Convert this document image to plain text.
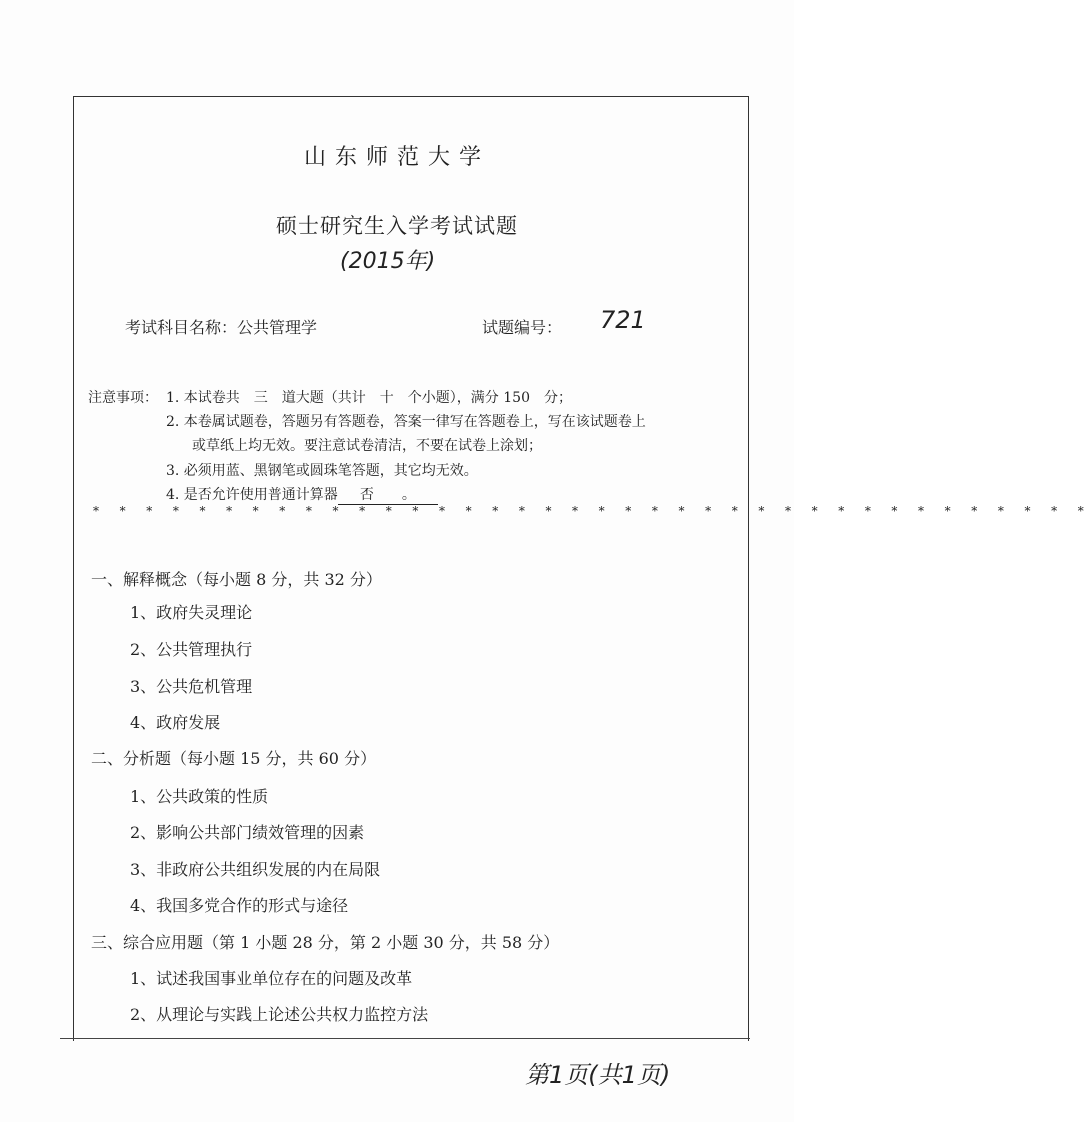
山东师范大学
硕士研究生入学考试试题
(2015年)
考试科目名称：公共管理学	试题编号： 721
注意事项： 1. 本试卷共　三　道大题（共计　十　个小题），满分 150　分；
2. 本卷属试题卷，答题另有答题卷，答案一律写在答题卷上，写在该试题卷上
或草纸上均无效。要注意试卷清洁，不要在试卷上涂划；
3. 必须用蓝、黑钢笔或圆珠笔答题，其它均无效。
4. 是否允许使用普通计算器 否　　 。
* * * * * * * * * * * * * * * * * * * * * * * * * * * * * * * * * * * * * *
一、解释概念（每小题 8 分，共 32 分）
1、政府失灵理论
2、公共管理执行
3、公共危机管理
4、政府发展
二、分析题（每小题 15 分，共 60 分）
1、公共政策的性质
2、影响公共部门绩效管理的因素
3、非政府公共组织发展的内在局限
4、我国多党合作的形式与途径
三、综合应用题（第 1 小题 28 分，第 2 小题 30 分，共 58 分）
1、试述我国事业单位存在的问题及改革
2、从理论与实践上论述公共权力监控方法
第1页(共1页)
